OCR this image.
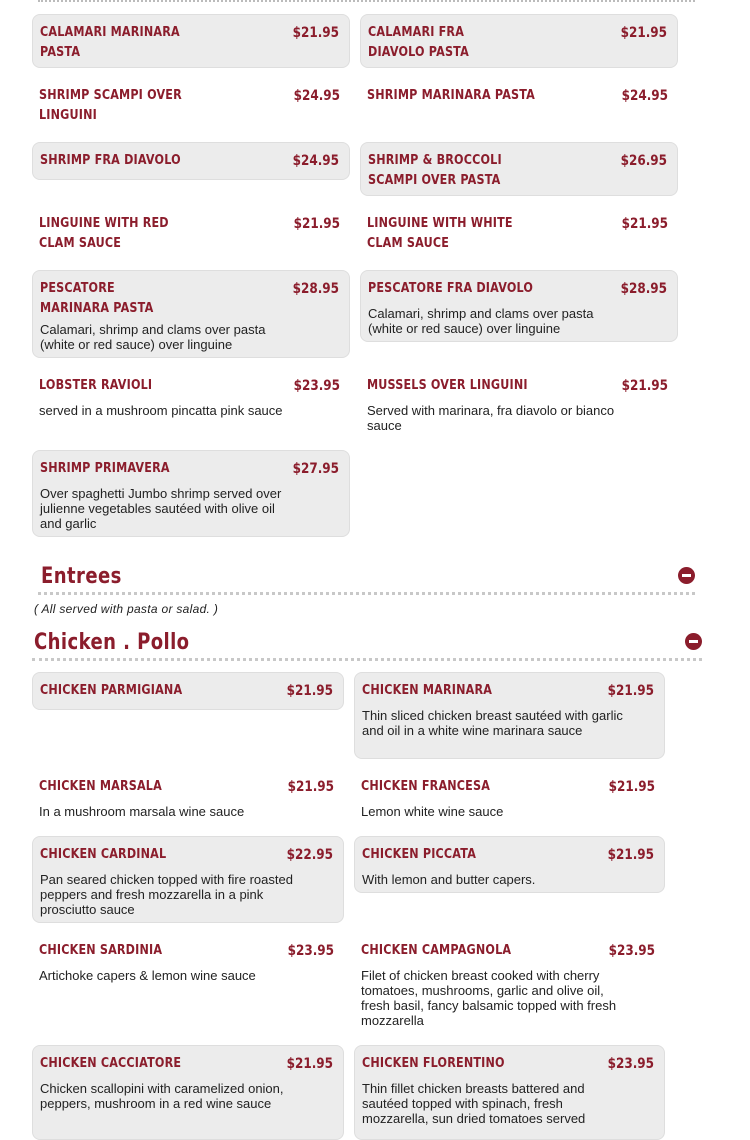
CALAMARI MARINARA PASTA
$21.95 CALAMARI FRA DIAVOLO PASTA
$21.95
SHRIMP SCAMPI OVER LINGUINI
$24.95 SHRIMP MARINARA PASTA	$24.95
SHRIMP FRA DIAVOLO	$24.95 SHRIMP & BROCCOLI SCAMPI OVER PASTA
$26.95
LINGUINE WITH RED CLAM SAUCE
$21.95 LINGUINE WITH WHITE CLAM SAUCE
$21.95
PESCATORE MARINARA PASTA
$28.95
Calamari, shrimp and clams over pasta (white or red sauce) over linguine
PESCATORE FRA DIAVOLO	$28.95
Calamari, shrimp and clams over pasta (white or red sauce) over linguine
LOBSTER RAVIOLI	$23.95
served in a mushroom pincatta pink sauce
MUSSELS OVER LINGUINI	$21.95
Served with marinara, fra diavolo or bianco sauce
SHRIMP PRIMAVERA	$27.95
Over spaghetti Jumbo shrimp served over julienne vegetables sautéed with olive oil and garlic
Entrees
( All served with pasta or salad. )
Chicken . Pollo
CHICKEN PARMIGIANA	$21.95 CHICKEN MARINARA	$21.95
Thin sliced chicken breast sautéed with garlic and oil in a white wine marinara sauce
CHICKEN MARSALA	$21.95
In a mushroom marsala wine sauce
CHICKEN FRANCESA	$21.95
Lemon white wine sauce
CHICKEN CARDINAL	$22.95
Pan seared chicken topped with fire roasted peppers and fresh mozzarella in a pink prosciutto sauce
CHICKEN PICCATA	$21.95
With lemon and butter capers.
CHICKEN SARDINIA	$23.95
Artichoke capers & lemon wine sauce
CHICKEN CAMPAGNOLA	$23.95
Filet of chicken breast cooked with cherry tomatoes, mushrooms, garlic and olive oil, fresh basil, fancy balsamic topped with fresh mozzarella
CHICKEN CACCIATORE	$21.95
Chicken scallopini with caramelized onion, peppers, mushroom in a red wine sauce
CHICKEN FLORENTINO	$23.95
Thin fillet chicken breasts battered and sautéed topped with spinach, fresh mozzarella, sun dried tomatoes served
